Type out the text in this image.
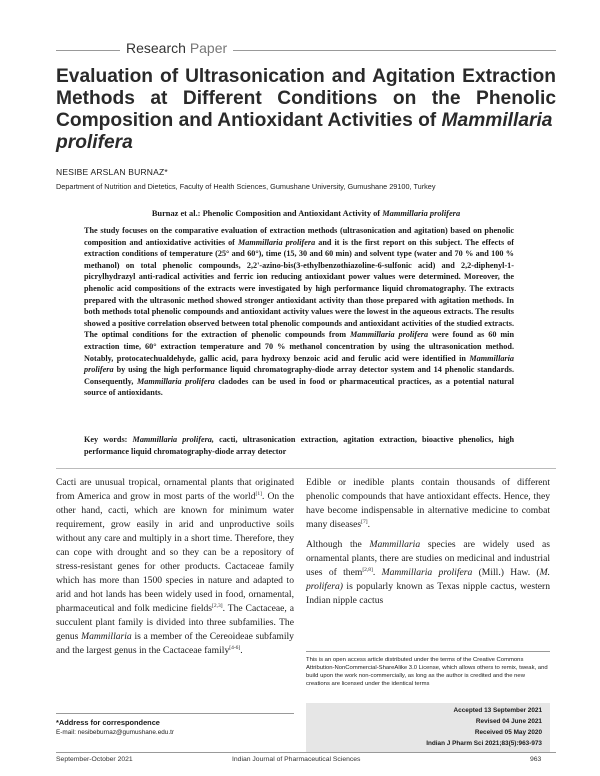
Research Paper
Evaluation of Ultrasonication and Agitation Extraction Methods at Different Conditions on the Phenolic Composition and Antioxidant Activities of Mammillaria
prolifera
NESIBE ARSLAN BURNAZ*
Department of Nutrition and Dietetics, Faculty of Health Sciences, Gumushane University, Gumushane 29100, Turkey
Burnaz et al.: Phenolic Composition and Antioxidant Activity of Mammillaria prolifera
The study focuses on the comparative evaluation of extraction methods (ultrasonication and agitation) based on phenolic composition and antioxidative activities of Mammillaria prolifera and it is the first report on this subject. The effects of extraction conditions of temperature (25° and 60°), time (15, 30 and 60 min) and solvent type (water and 70 % and 100 % methanol) on total phenolic compounds, 2,2'-azino-bis(3-ethylbenzothiazoline-6-sulfonic acid) and 2,2-diphenyl-1-picrylhydrazyl anti-radical activities and ferric ion reducing antioxidant power values were determined. Moreover, the phenolic acid compositions of the extracts were investigated by high performance liquid chromatography. The extracts prepared with the ultrasonic method showed stronger antioxidant activity than those prepared with agitation methods. In both methods total phenolic compounds and antioxidant activity values were the lowest in the aqueous extracts. The results showed a positive correlation observed between total phenolic compounds and antioxidant activities of the studied extracts. The optimal conditions for the extraction of phenolic compounds from Mammillaria prolifera were found as 60 min extraction time, 60° extraction temperature and 70 % methanol concentration by using the ultrasonication method. Notably, protocatechualdehyde, gallic acid, para hydroxy benzoic acid and ferulic acid were identified in Mammillaria prolifera by using the high performance liquid chromatography-diode array detector system and 14 phenolic standards. Consequently, Mammillaria prolifera cladodes can be used in food or pharmaceutical practices, as a potential natural source of antioxidants.
Key words: Mammillaria prolifera, cacti, ultrasonication extraction, agitation extraction, bioactive phenolics, high performance liquid chromatography-diode array detector

Cacti are unusual tropical, ornamental plants that originated from America and grow in most parts of the world[1]. On the other hand, cacti, which are known for minimum water requirement, grow easily in arid and unproductive soils without any care and multiply in a short time. Therefore, they can cope with drought and so they can be a repository of stress-resistant genes for other products. Cactaceae family which has more than 1500 species in nature and adapted to arid and hot lands has been widely used in food, ornamental, pharmaceutical and folk medicine fields[2,3]. The Cactaceae, a succulent plant family is divided into three subfamilies. The genus Mammillaria is a member of the Cereoideae subfamily and the largest genus in the Cactaceae family[4-6].

Edible or inedible plants contain thousands of different phenolic compounds that have antioxidant effects. Hence, they have become indispensable in alternative medicine to combat many diseases[7].

Although the Mammillaria species are widely used as ornamental plants, there are studies on medicinal and industrial uses of them[2,8]. Mammillaria prolifera (Mill.) Haw. (M. prolifera) is popularly known as Texas nipple cactus, western Indian nipple cactus

This is an open access article distributed under the terms of the Creative Commons Attribution-NonCommercial-ShareAlike 3.0 License, which allows others to remix, tweak, and build upon the work non-commercially, as long as the author is credited and the new creations are licensed under the identical terms
Accepted 13 September 2021
Revised 04 June 2021
Received 05 May 2020
Indian J Pharm Sci 2021;83(5):963-973
*Address for correspondence
E-mail: nesibeburnaz@gumushane.edu.tr
September-October 2021	Indian Journal of Pharmaceutical Sciences	963
